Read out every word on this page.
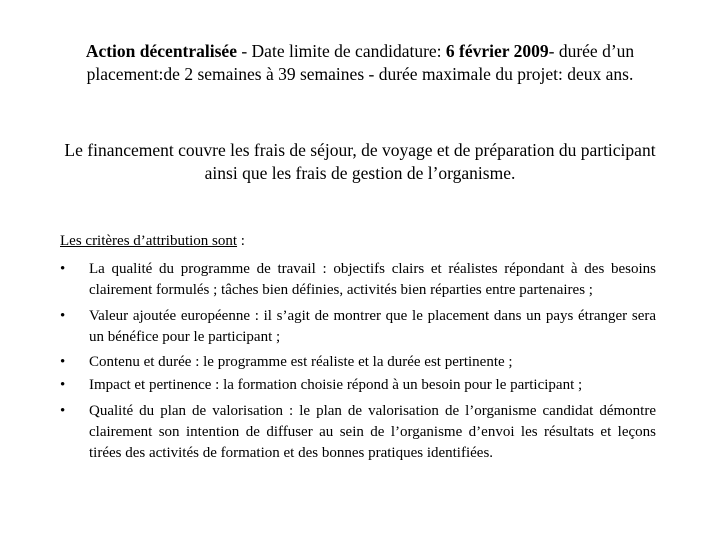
Action décentralisée - Date limite de candidature: 6 février 2009- durée d’un placement:de 2 semaines à 39 semaines - durée maximale du projet: deux ans.

Le financement couvre les frais de séjour, de voyage et de préparation du participant ainsi que les frais de gestion de l’organisme.

Les critères d’attribution sont :
•	La qualité du programme de travail : objectifs clairs et réalistes répondant à des besoins clairement formulés ; tâches bien définies, activités bien réparties entre partenaires ;
•	Valeur ajoutée européenne : il s’agit de montrer que le placement dans un pays étranger sera un bénéfice pour le participant ;
•	Contenu et durée : le programme est réaliste et la durée est pertinente ;
•	Impact et pertinence : la formation choisie répond à un besoin pour le participant ;
•	Qualité du plan de valorisation : le plan de valorisation de l’organisme candidat démontre clairement son intention de diffuser au sein de l’organisme d’envoi les résultats et leçons tirées des activités de formation et des bonnes pratiques identifiées.
